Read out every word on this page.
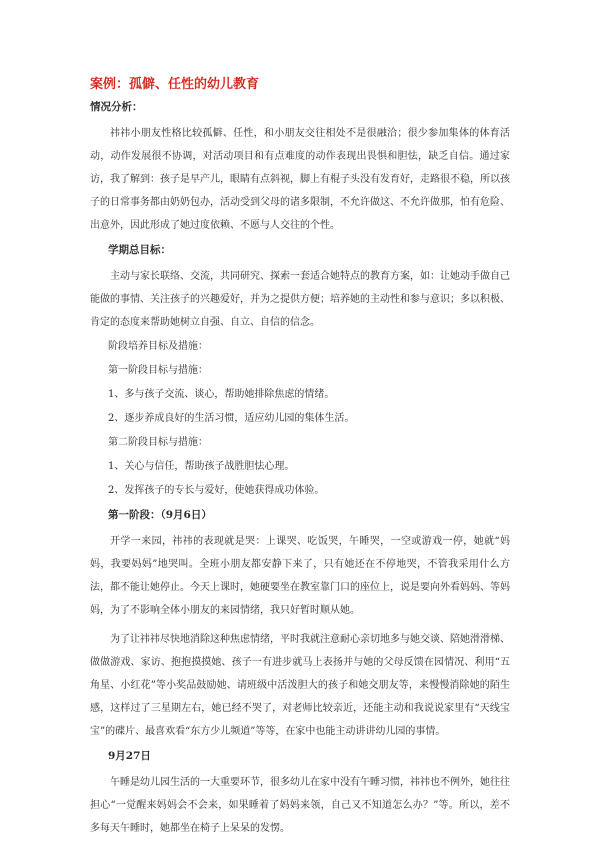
案例：孤僻、任性的幼儿教育
情况分析：
祎祎小朋友性格比较孤僻、任性，和小朋友交往相处不是很融洽；很少参加集体的体育活动，动作发展很不协调，对活动项目和有点难度的动作表现出畏惧和胆怯，缺乏自信。通过家访，我了解到：孩子是早产儿，眼睛有点斜视，脚上有棍子头没有发育好，走路很不稳，所以孩子的日常事务都由奶奶包办，活动受到父母的诸多限制，不允许做这、不允许做那，怕有危险、出意外，因此形成了她过度依赖、不愿与人交往的个性。
学期总目标：
主动与家长联络、交流，共同研究、探索一套适合她特点的教育方案，如：让她动手做自己能做的事情、关注孩子的兴趣爱好，并为之提供方便；培养她的主动性和参与意识；多以积极、肯定的态度来帮助她树立自强、自立、自信的信念。
阶段培养目标及措施：
第一阶段目标与措施：
1、多与孩子交流、谈心，帮助她排除焦虑的情绪。
2、逐步养成良好的生活习惯，适应幼儿园的集体生活。
第二阶段目标与措施：
1、关心与信任，帮助孩子战胜胆怯心理。
2、发挥孩子的专长与爱好，使她获得成功体验。
第一阶段：（9月6日）
开学一来园，祎祎的表现就是哭：上课哭、吃饭哭，午睡哭，一空或游戏一停，她就“妈妈，我要妈妈”地哭叫。全班小朋友都安静下来了，只有她还在不停地哭，不管我采用什么方法，都不能让她停止。今天上课时，她硬要坐在教室靠门口的座位上，说是要向外看妈妈、等妈妈，为了不影响全体小朋友的来园情绪，我只好暂时顺从她。
为了让祎祎尽快地消除这种焦虑情绪，平时我就注意耐心亲切地多与她交谈、陪她滑滑梯、做做游戏、家访、抱抱摸摸她、孩子一有进步就马上表扬并与她的父母反馈在园情况、利用“五角星、小红花”等小奖品鼓励她、请班级中活泼胆大的孩子和她交朋友等，来慢慢消除她的陌生感，这样过了三星期左右，她已经不哭了，对老师比较亲近，还能主动和我说说家里有“天线宝宝”的碟片、最喜欢看“东方少儿频道”等等，在家中也能主动讲讲幼儿园的事情。
9月27日
午睡是幼儿园生活的一大重要环节，很多幼儿在家中没有午睡习惯，祎祎也不例外，她往往担心“一觉醒来妈妈会不会来，如果睡着了妈妈来领，自己又不知道怎么办？”等。所以，差不多每天午睡时，她都坐在椅子上呆呆的发愣。
